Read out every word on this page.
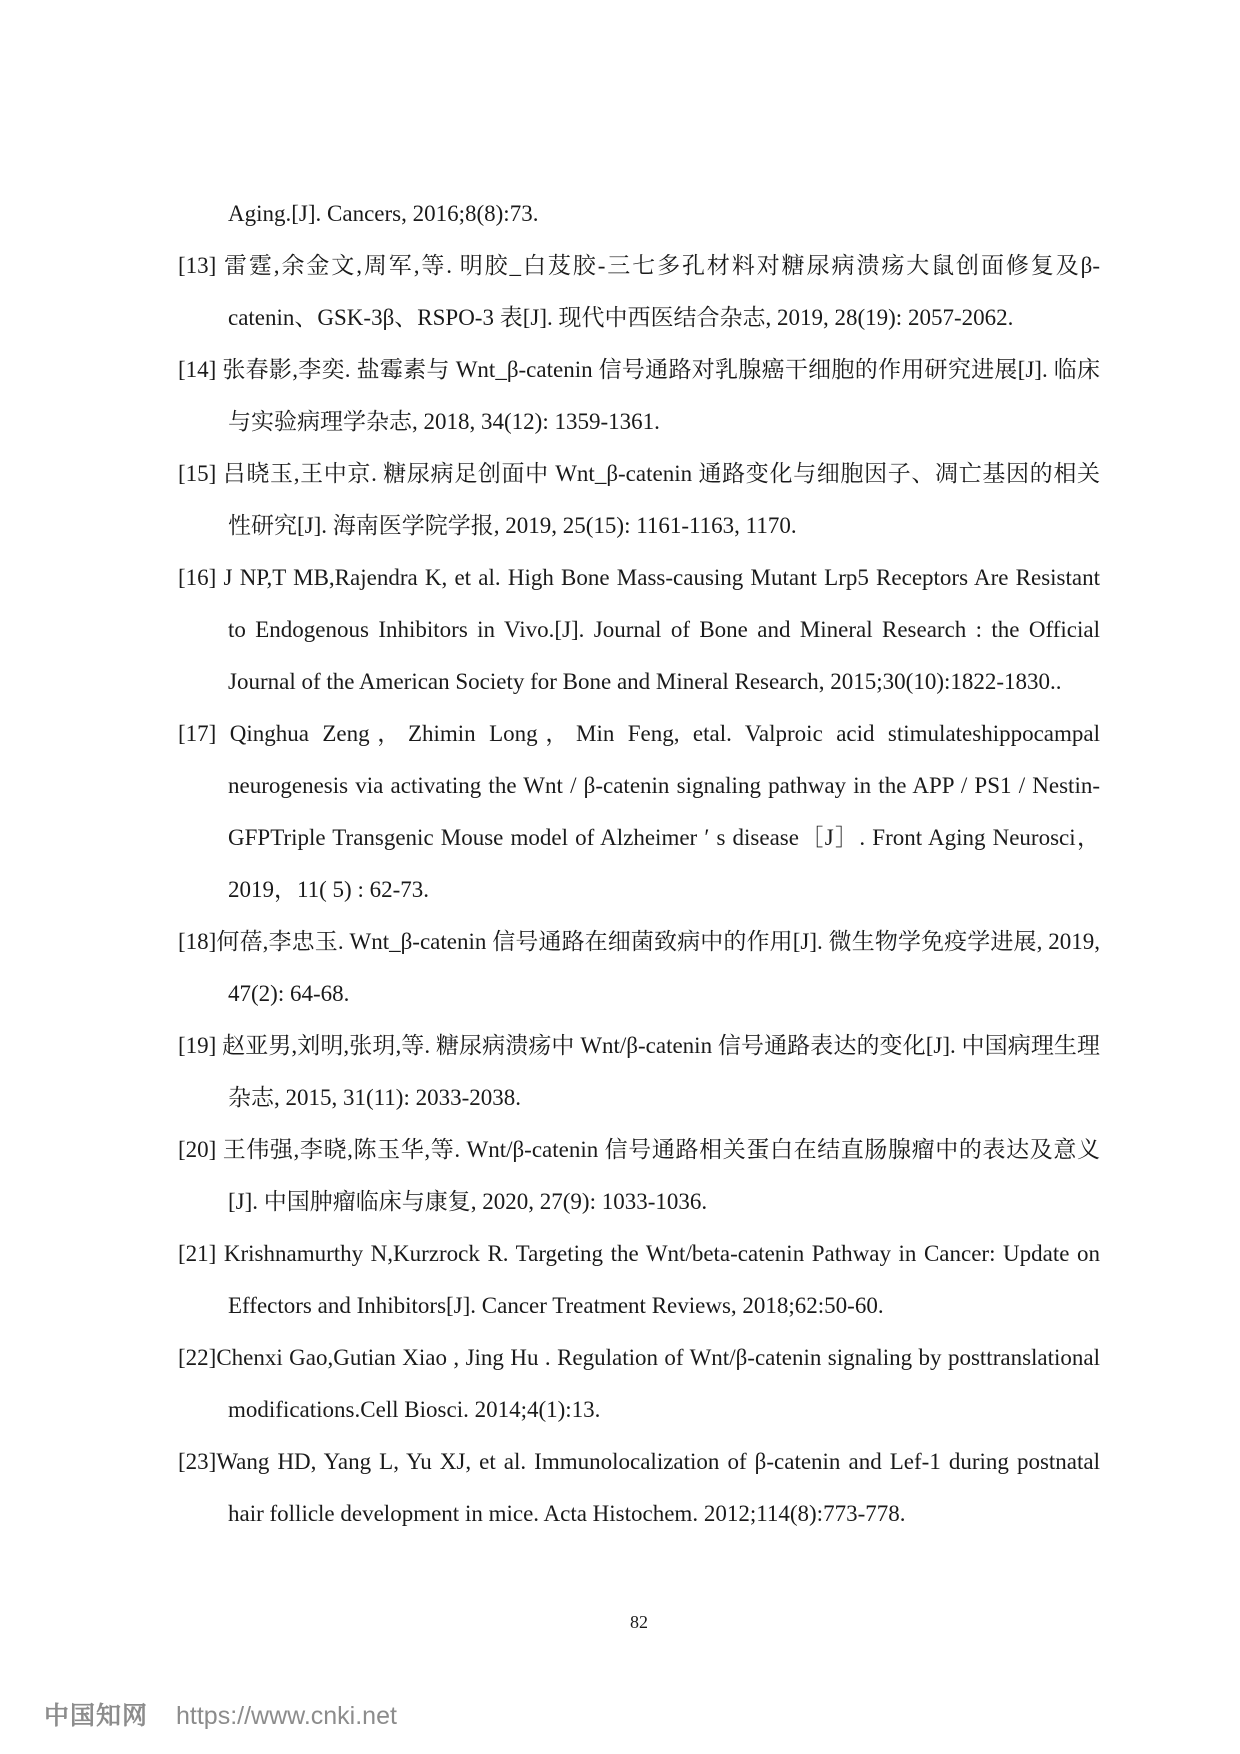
Aging.[J]. Cancers, 2016;8(8):73.

[13] 雷霆,余金文,周军,等. 明胶_白芨胶-三七多孔材料对糖尿病溃疡大鼠创面修复及β-catenin、GSK-3β、RSPO-3 表[J]. 现代中西医结合杂志, 2019, 28(19): 2057-2062.

[14] 张春影,李奕. 盐霉素与 Wnt_β-catenin 信号通路对乳腺癌干细胞的作用研究进展[J]. 临床与实验病理学杂志, 2018, 34(12): 1359-1361.

[15] 吕晓玉,王中京. 糖尿病足创面中 Wnt_β-catenin 通路变化与细胞因子、凋亡基因的相关性研究[J]. 海南医学院学报, 2019, 25(15): 1161-1163, 1170.

[16] J NP,T MB,Rajendra K, et al. High Bone Mass-causing Mutant Lrp5 Receptors Are Resistant to Endogenous Inhibitors in Vivo.[J]. Journal of Bone and Mineral Research : the Official Journal of the American Society for Bone and Mineral Research, 2015;30(10):1822-1830..

[17] Qinghua Zeng，Zhimin Long，Min Feng, etal. Valproic acid stimulateshippocampal neurogenesis via activating the Wnt / β-catenin signaling pathway in the APP / PS1 / Nestin-GFPTriple Transgenic Mouse model of Alzheimer ′ s disease［J］. Front Aging Neurosci，2019，11( 5) : 62-73.

[18]何蓓,李忠玉. Wnt_β-catenin 信号通路在细菌致病中的作用[J]. 微生物学免疫学进展, 2019, 47(2): 64-68.

[19] 赵亚男,刘明,张玥,等. 糖尿病溃疡中 Wnt/β-catenin 信号通路表达的变化[J]. 中国病理生理杂志, 2015, 31(11): 2033-2038.

[20] 王伟强,李晓,陈玉华,等. Wnt/β-catenin 信号通路相关蛋白在结直肠腺瘤中的表达及意义[J]. 中国肿瘤临床与康复, 2020, 27(9): 1033-1036.

[21] Krishnamurthy N,Kurzrock R. Targeting the Wnt/beta-catenin Pathway in Cancer: Update on Effectors and Inhibitors[J]. Cancer Treatment Reviews, 2018;62:50-60.

[22]Chenxi Gao,Gutian Xiao , Jing Hu . Regulation of Wnt/β-catenin signaling by posttranslational modifications.Cell Biosci. 2014;4(1):13.

[23]Wang HD, Yang L, Yu XJ, et al. Immunolocalization of β-catenin and Lef-1 during postnatal hair follicle development in mice. Acta Histochem. 2012;114(8):773-778.

82
中国知网 https://www.cnki.net
